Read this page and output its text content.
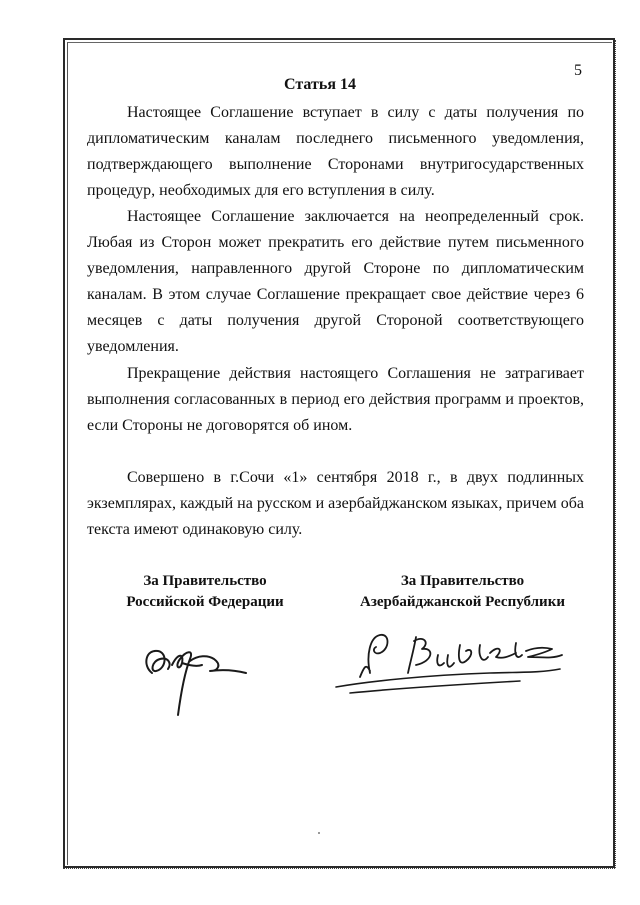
5
Статья 14
Настоящее Соглашение вступает в силу с даты получения по дипломатическим каналам последнего письменного уведомления, подтверждающего выполнение Сторонами внутригосударственных процедур, необходимых для его вступления в силу.
Настоящее Соглашение заключается на неопределенный срок. Любая из Сторон может прекратить его действие путем письменного уведомления, направленного другой Стороне по дипломатическим каналам. В этом случае Соглашение прекращает свое действие через 6 месяцев с даты получения другой Стороной соответствующего уведомления.
Прекращение действия настоящего Соглашения не затрагивает выполнения согласованных в период его действия программ и проектов, если Стороны не договорятся об ином.
Совершено в г.Сочи «1» сентября 2018 г., в двух подлинных экземплярах, каждый на русском и азербайджанском языках, причем оба текста имеют одинаковую силу.
За Правительство
Российской Федерации
За Правительство
Азербайджанской Республики
